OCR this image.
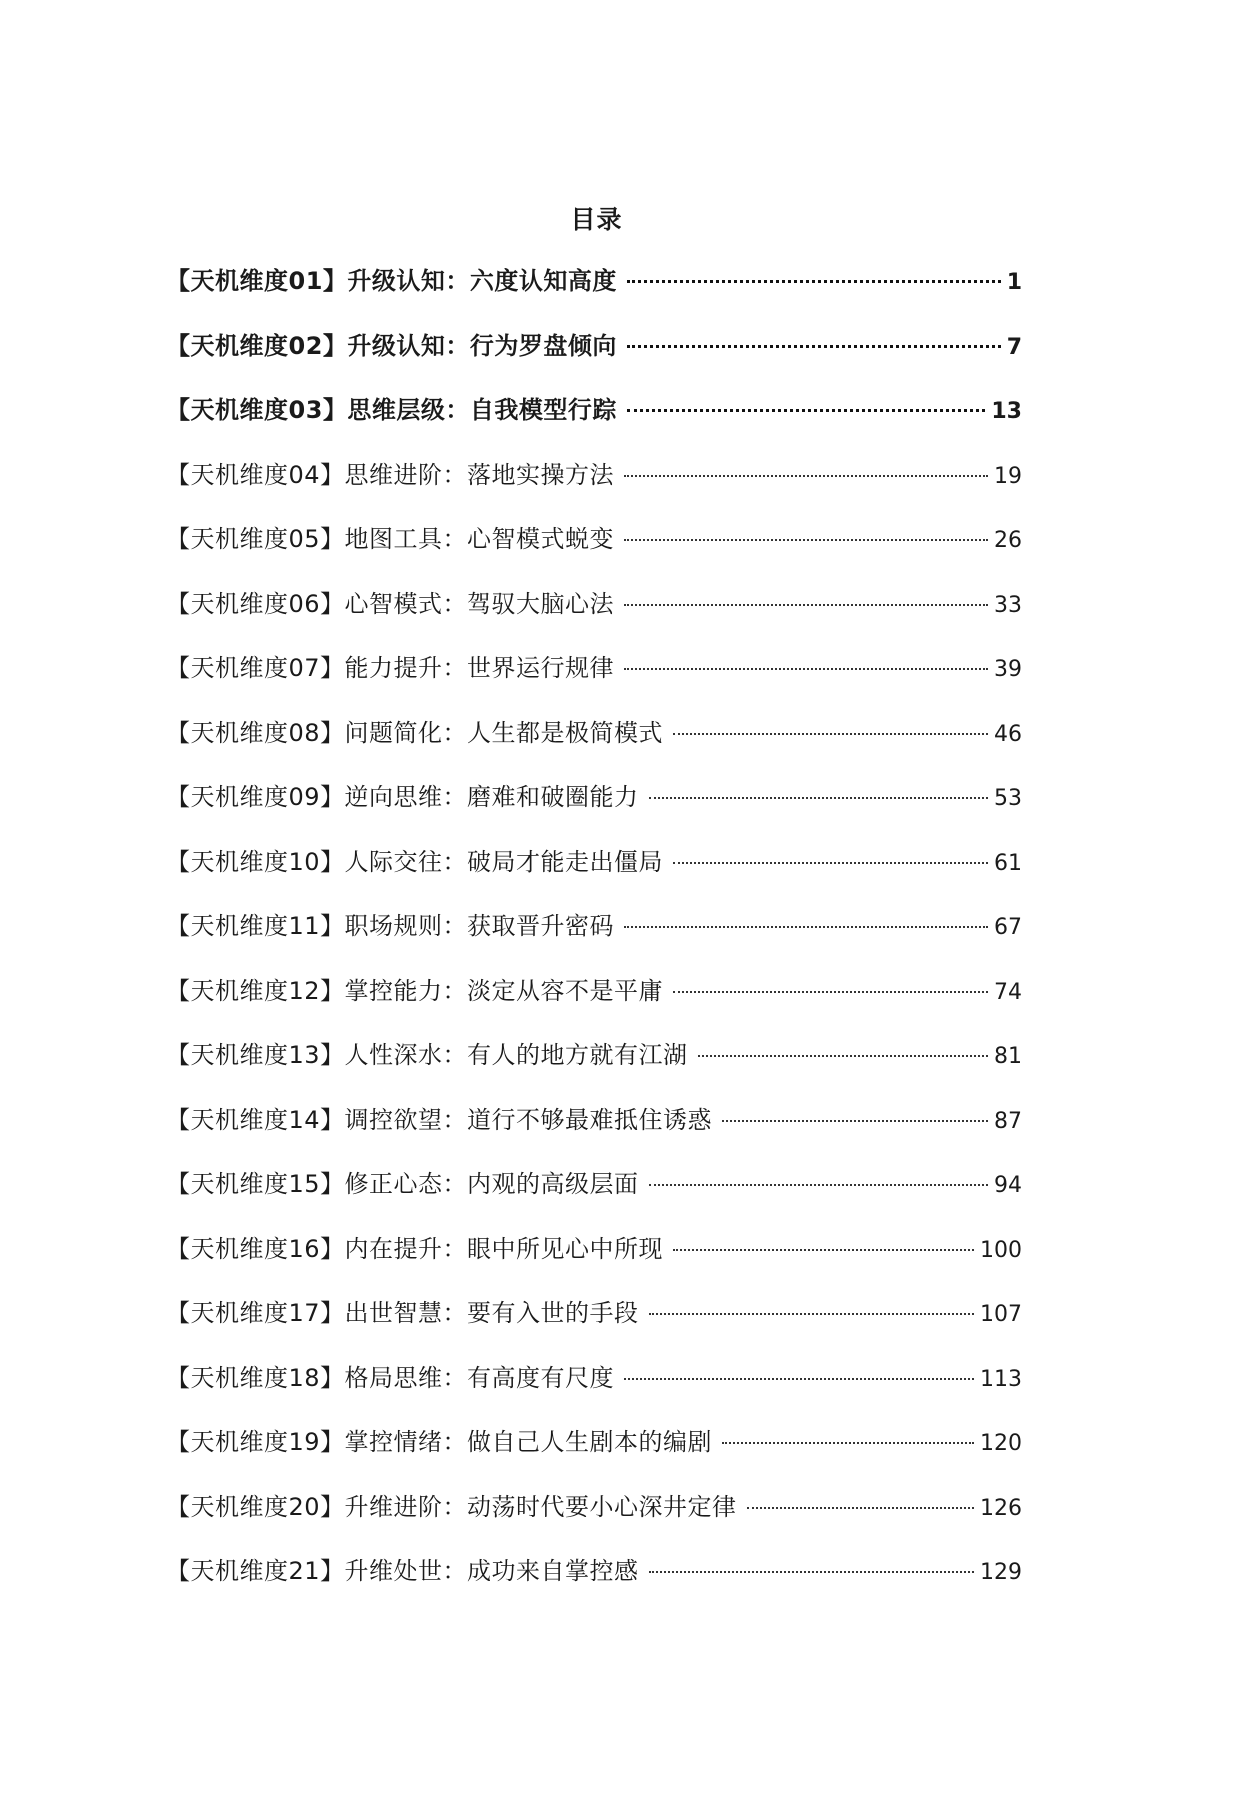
目录
【天机维度01】升级认知：六度认知高度	1
【天机维度02】升级认知：行为罗盘倾向	7
【天机维度03】思维层级：自我模型行踪	13
【天机维度04】思维进阶：落地实操方法	19
【天机维度05】地图工具：心智模式蜕变	26
【天机维度06】心智模式：驾驭大脑心法	33
【天机维度07】能力提升：世界运行规律	39
【天机维度08】问题简化：人生都是极简模式	46
【天机维度09】逆向思维：磨难和破圈能力	53
【天机维度10】人际交往：破局才能走出僵局	61
【天机维度11】职场规则：获取晋升密码	67
【天机维度12】掌控能力：淡定从容不是平庸	74
【天机维度13】人性深水：有人的地方就有江湖	81
【天机维度14】调控欲望：道行不够最难抵住诱惑	87
【天机维度15】修正心态：内观的高级层面	94
【天机维度16】内在提升：眼中所见心中所现	100
【天机维度17】出世智慧：要有入世的手段	107
【天机维度18】格局思维：有高度有尺度	113
【天机维度19】掌控情绪：做自己人生剧本的编剧	120
【天机维度20】升维进阶：动荡时代要小心深井定律	126
【天机维度21】升维处世：成功来自掌控感	129
